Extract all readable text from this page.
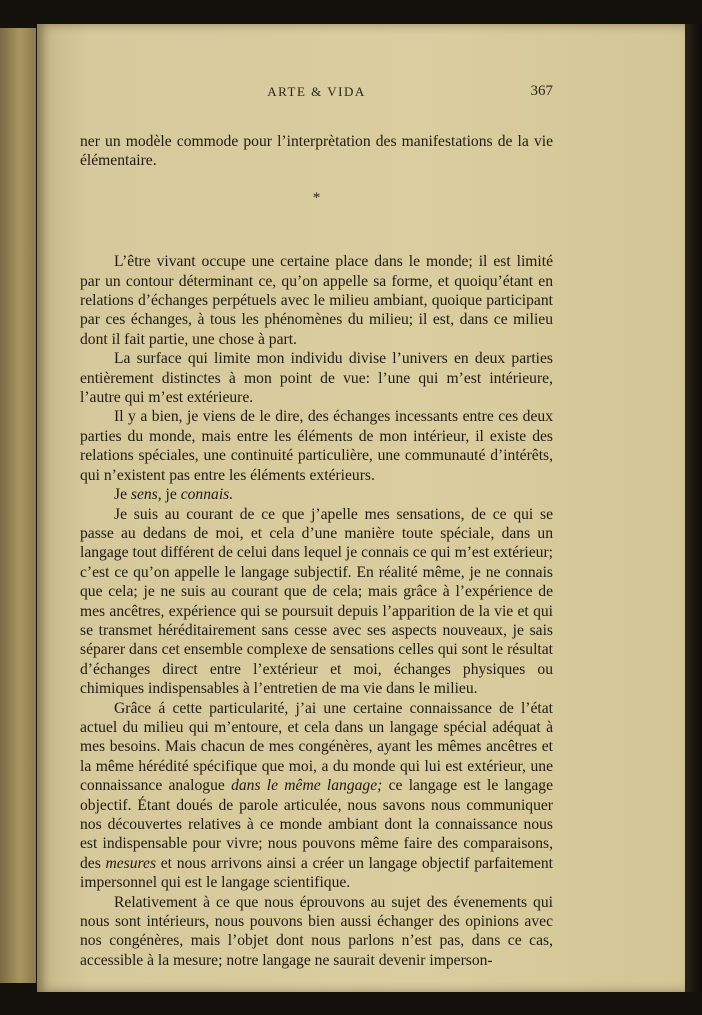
ARTE & VIDA	367

ner un modèle commode pour l’interprètation des manifestations de la vie élémentaire.

*

L’être vivant occupe une certaine place dans le monde; il est limité par un contour déterminant ce, qu’on appelle sa forme, et quoiqu’étant en relations d’échanges perpétuels avec le milieu ambiant, quoique participant par ces échanges, à tous les phénomènes du milieu; il est, dans ce milieu dont il fait partie, une chose à part.

La surface qui limite mon individu divise l’univers en deux parties entièrement distinctes à mon point de vue: l’une qui m’est intérieure, l’autre qui m’est extérieure.

Il y a bien, je viens de le dire, des échanges incessants entre ces deux parties du monde, mais entre les éléments de mon intérieur, il existe des relations spéciales, une continuité particulière, une communauté d’intérêts, qui n’existent pas entre les éléments extérieurs.

Je sens, je connais.

Je suis au courant de ce que j’apelle mes sensations, de ce qui se passe au dedans de moi, et cela d’une manière toute spéciale, dans un langage tout différent de celui dans lequel je connais ce qui m’est extérieur; c’est ce qu’on appelle le langage subjectif. En réalité même, je ne connais que cela; je ne suis au courant que de cela; mais grâce à l’expérience de mes ancêtres, expérience qui se poursuit depuis l’apparition de la vie et qui se transmet héréditairement sans cesse avec ses aspects nouveaux, je sais séparer dans cet ensemble complexe de sensations celles qui sont le résultat d’échanges direct entre l’extérieur et moi, échanges physiques ou chimiques indispensables à l’entretien de ma vie dans le milieu.

Grâce á cette particularité, j’ai une certaine connaissance de l’état actuel du milieu qui m’entoure, et cela dans un langage spécial adéquat à mes besoins. Mais chacun de mes congénères, ayant les mêmes ancêtres et la même hérédité spécifique que moi, a du monde qui lui est extérieur, une connaissance analogue dans le même langage; ce langage est le langage objectif. Étant doués de parole articulée, nous savons nous communiquer nos découvertes relatives à ce monde ambiant dont la connaissance nous est indispensable pour vivre; nous pouvons même faire des comparaisons, des mesures et nous arrivons ainsi a créer un langage objectif parfaitement impersonnel qui est le langage scientifique.

Relativement à ce que nous éprouvons au sujet des évenements qui nous sont intérieurs, nous pouvons bien aussi échanger des opinions avec nos congénères, mais l’objet dont nous parlons n’est pas, dans ce cas, accessible à la mesure; notre langage ne saurait devenir imperson-
